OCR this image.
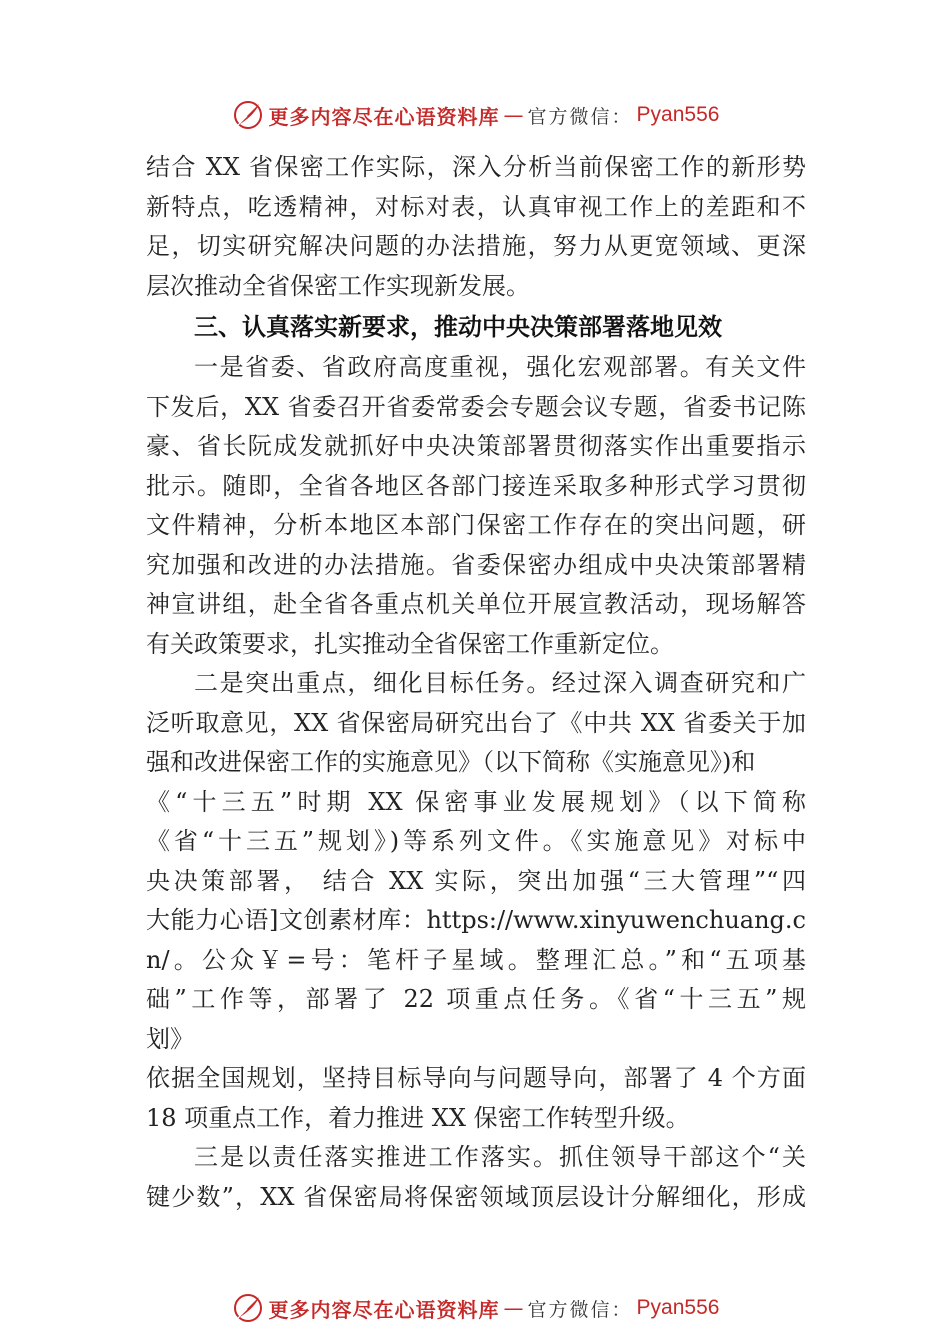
更多内容尽在心语资料库 — 官方微信： Pyan556
结合 XX 省保密工作实际，深入分析当前保密工作的新形势
新特点，吃透精神，对标对表，认真审视工作上的差距和不
足，切实研究解决问题的办法措施，努力从更宽领域、更深
层次推动全省保密工作实现新发展。
三、认真落实新要求，推动中央决策部署落地见效
一是省委、省政府高度重视，强化宏观部署。有关文件
下发后，XX 省委召开省委常委会专题会议专题，省委书记陈
豪、省长阮成发就抓好中央决策部署贯彻落实作出重要指示
批示。随即，全省各地区各部门接连采取多种形式学习贯彻
文件精神，分析本地区本部门保密工作存在的突出问题，研
究加强和改进的办法措施。省委保密办组成中央决策部署精
神宣讲组，赴全省各重点机关单位开展宣教活动，现场解答
有关政策要求，扎实推动全省保密工作重新定位。
二是突出重点，细化目标任务。经过深入调查研究和广
泛听取意见，XX 省保密局研究出台了《中共 XX 省委关于加
强和改进保密工作的实施意见》（以下简称《实施意见》)和
《“十三五”时期 XX 保密事业发展规划》（以下简称
《省“十三五”规划》)等系列文件。《实施意见》对标中
央决策部署， 结合 XX 实际，突出加强“三大管理”“四
大能力心语]文创素材库：https://www.xinyuwenchuang.c
n/。公众￥=号：笔杆子星域。整理汇总。”和“五项基
础”工作等，部署了 22 项重点任务。《省“十三五”规
划》
依据全国规划，坚持目标导向与问题导向，部署了 4 个方面
18 项重点工作，着力推进 XX 保密工作转型升级。
三是以责任落实推进工作落实。抓住领导干部这个“关
键少数”，XX 省保密局将保密领域顶层设计分解细化，形成
更多内容尽在心语资料库 — 官方微信： Pyan556
